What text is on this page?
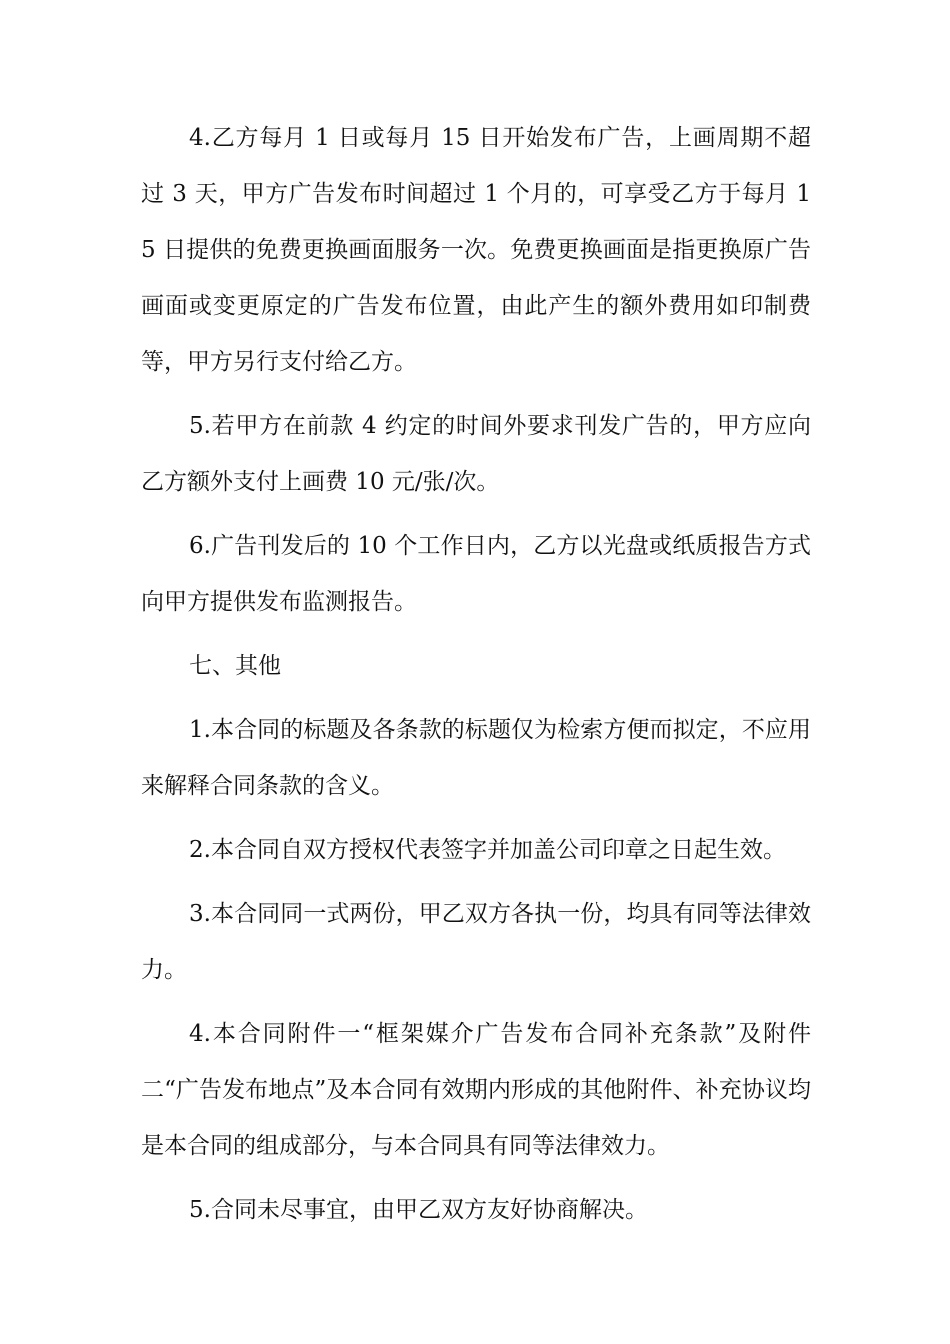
4.乙方每月 1 日或每月 15 日开始发布广告，上画周期不超过 3 天，甲方广告发布时间超过 1 个月的，可享受乙方于每月 15 日提供的免费更换画面服务一次。免费更换画面是指更换原广告画面或变更原定的广告发布位置，由此产生的额外费用如印制费等，甲方另行支付给乙方。

5.若甲方在前款 4 约定的时间外要求刊发广告的，甲方应向乙方额外支付上画费 10 元/张/次。

6.广告刊发后的 10 个工作日内，乙方以光盘或纸质报告方式向甲方提供发布监测报告。

七、其他

1.本合同的标题及各条款的标题仅为检索方便而拟定，不应用来解释合同条款的含义。

2.本合同自双方授权代表签字并加盖公司印章之日起生效。

3.本合同同一式两份，甲乙双方各执一份，均具有同等法律效力。

4.本合同附件一“框架媒介广告发布合同补充条款”及附件二“广告发布地点”及本合同有效期内形成的其他附件、补充协议均是本合同的组成部分，与本合同具有同等法律效力。

5.合同未尽事宜，由甲乙双方友好协商解决。
